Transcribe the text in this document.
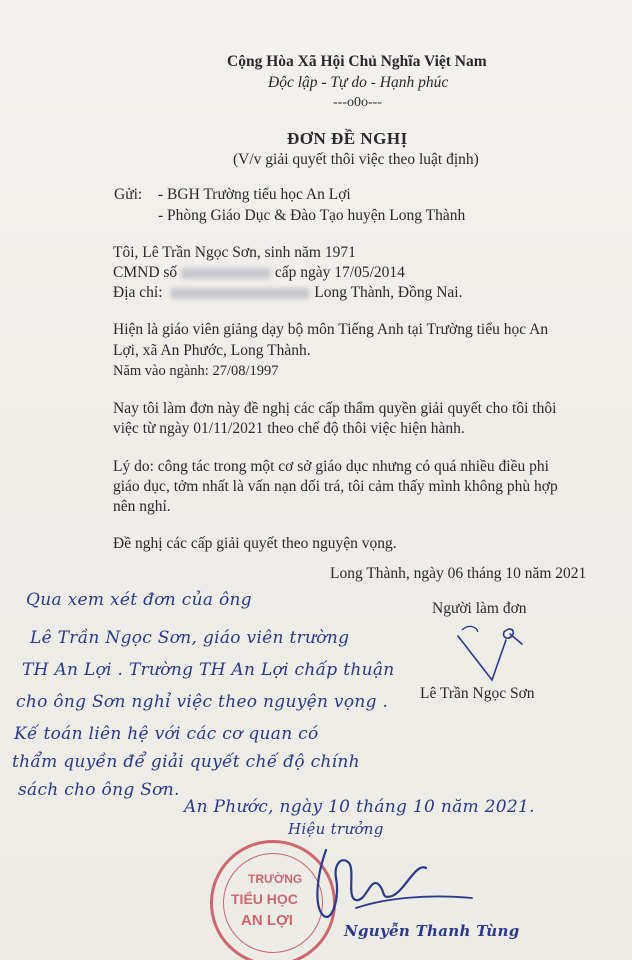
Cộng Hòa Xã Hội Chủ Nghĩa Việt Nam
Độc lập - Tự do - Hạnh phúc
---o0o---
ĐƠN ĐỀ NGHỊ
(V/v giải quyết thôi việc theo luật định)
Gửi: - BGH Trường tiểu học An Lợi
- Phòng Giáo Dục & Đào Tạo huyện Long Thành
Tôi, Lê Trần Ngọc Sơn, sinh năm 1971
CMND số	cấp ngày 17/05/2014
Địa chỉ:	Long Thành, Đồng Nai.
Hiện là giáo viên giảng dạy bộ môn Tiếng Anh tại Trường tiểu học An
Lợi, xã An Phước, Long Thành.
Năm vào ngành: 27/08/1997
Nay tôi làm đơn này đề nghị các cấp thẩm quyền giải quyết cho tôi thôi
việc từ ngày 01/11/2021 theo chế độ thôi việc hiện hành.
Lý do: công tác trong một cơ sở giáo dục nhưng có quá nhiều điều phi
giáo dục, tởm nhất là vấn nạn dối trá, tôi cảm thấy mình không phù hợp
nên nghỉ.
Đề nghị các cấp giải quyết theo nguyện vọng.
Long Thành, ngày 06 tháng 10 năm 2021
Người làm đơn
Lê Trần Ngọc Sơn
Qua xem xét đơn của ông
Lê Trần Ngọc Sơn, giáo viên trường
TH An Lợi . Trường TH An Lợi chấp thuận
cho ông Sơn nghỉ việc theo nguyện vọng .
Kế toán liên hệ với các cơ quan có
thẩm quyền để giải quyết chế độ chính
sách cho ông Sơn.
An Phước, ngày 10 tháng 10 năm 2021.
Hiệu trưởng
TRƯỜNG
TIỂU HỌC
AN LỢI
Nguyễn Thanh Tùng
